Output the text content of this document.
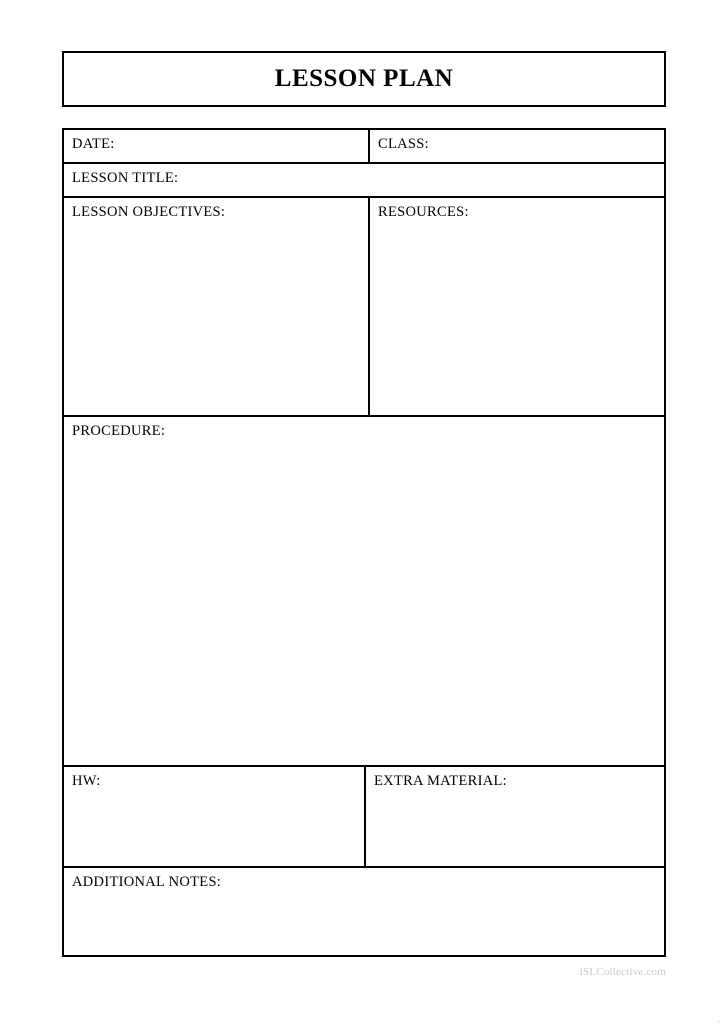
LESSON PLAN
DATE:	CLASS:
LESSON TITLE:
LESSON OBJECTIVES:	RESOURCES:
PROCEDURE:
HW:	EXTRA MATERIAL:
ADDITIONAL NOTES:
iSLCollective.com
.
